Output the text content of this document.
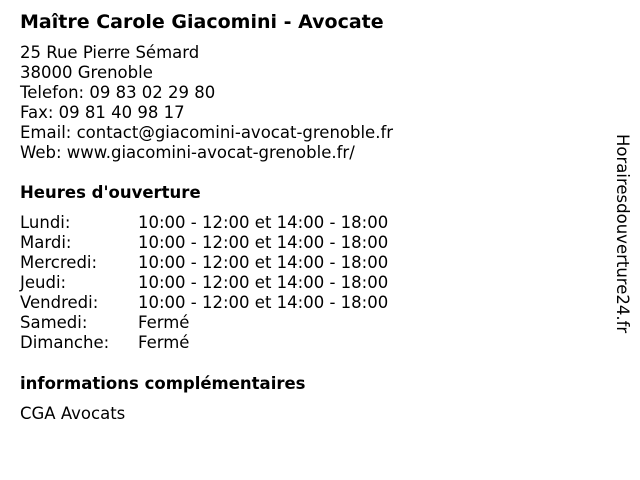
Maître Carole Giacomini - Avocate
25 Rue Pierre Sémard
38000 Grenoble
Telefon: 09 83 02 29 80
Fax: 09 81 40 98 17
Email: contact@giacomini-avocat-grenoble.fr
Web: www.giacomini-avocat-grenoble.fr/
Heures d'ouverture
Lundi:	10:00 - 12:00 et 14:00 - 18:00
Mardi:	10:00 - 12:00 et 14:00 - 18:00
Mercredi:	10:00 - 12:00 et 14:00 - 18:00
Jeudi:	10:00 - 12:00 et 14:00 - 18:00
Vendredi:	10:00 - 12:00 et 14:00 - 18:00
Samedi:	Fermé
Dimanche:	Fermé
informations complémentaires
CGA Avocats
Horairesdouverture24.fr
